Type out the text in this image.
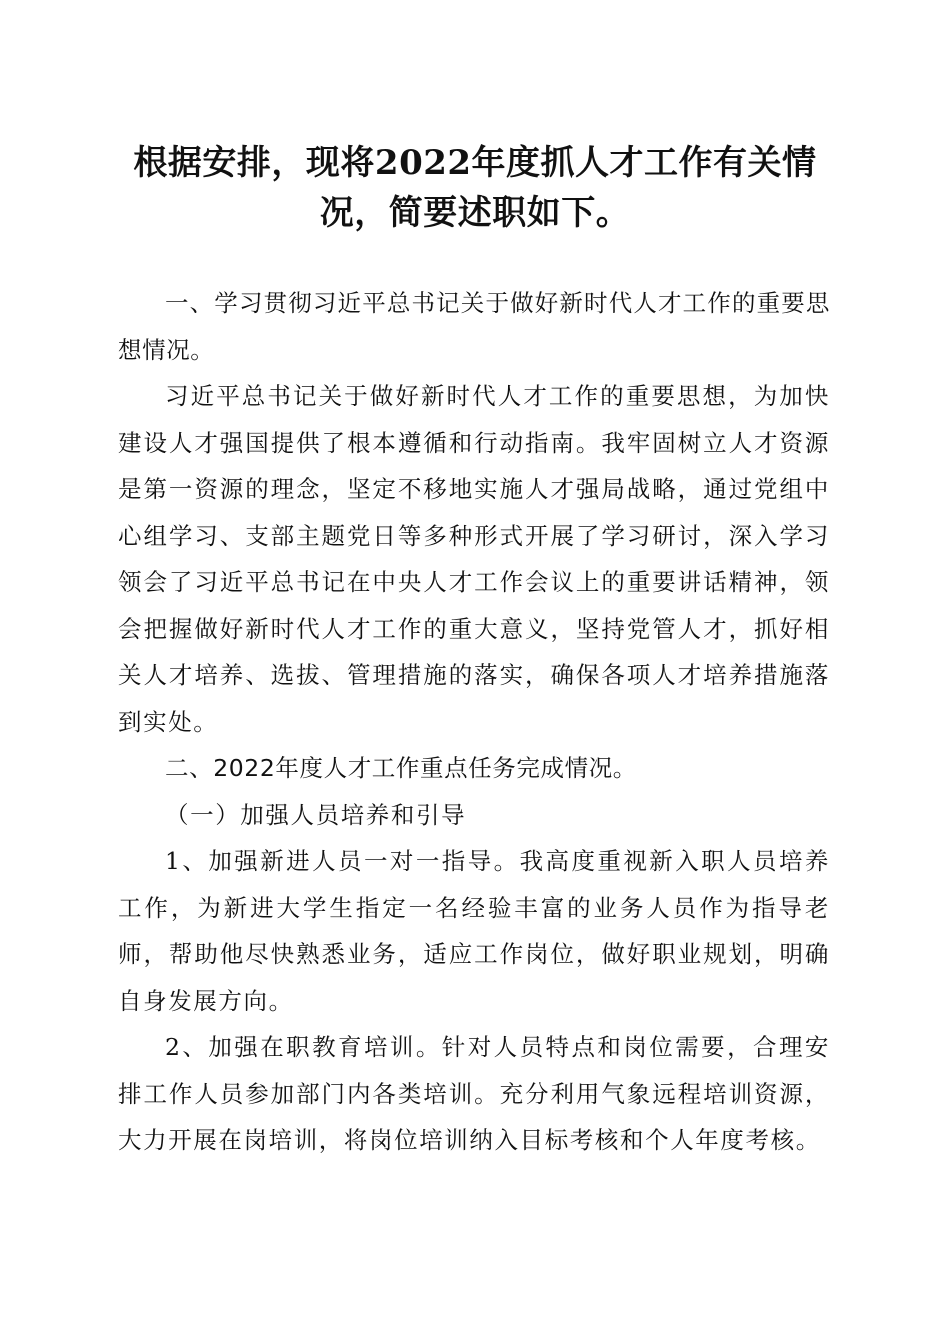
根据安排，现将2022年度抓人才工作有关情况，简要述职如下。

一、学习贯彻习近平总书记关于做好新时代人才工作的重要思想情况。

习近平总书记关于做好新时代人才工作的重要思想，为加快建设人才强国提供了根本遵循和行动指南。我牢固树立人才资源是第一资源的理念，坚定不移地实施人才强局战略，通过党组中心组学习、支部主题党日等多种形式开展了学习研讨，深入学习领会了习近平总书记在中央人才工作会议上的重要讲话精神，领会把握做好新时代人才工作的重大意义，坚持党管人才，抓好相关人才培养、选拔、管理措施的落实，确保各项人才培养措施落到实处。

二、2022年度人才工作重点任务完成情况。

（一）加强人员培养和引导

1、加强新进人员一对一指导。我高度重视新入职人员培养工作，为新进大学生指定一名经验丰富的业务人员作为指导老师，帮助他尽快熟悉业务，适应工作岗位，做好职业规划，明确自身发展方向。

2、加强在职教育培训。针对人员特点和岗位需要，合理安排工作人员参加部门内各类培训。充分利用气象远程培训资源，大力开展在岗培训，将岗位培训纳入目标考核和个人年度考核。
